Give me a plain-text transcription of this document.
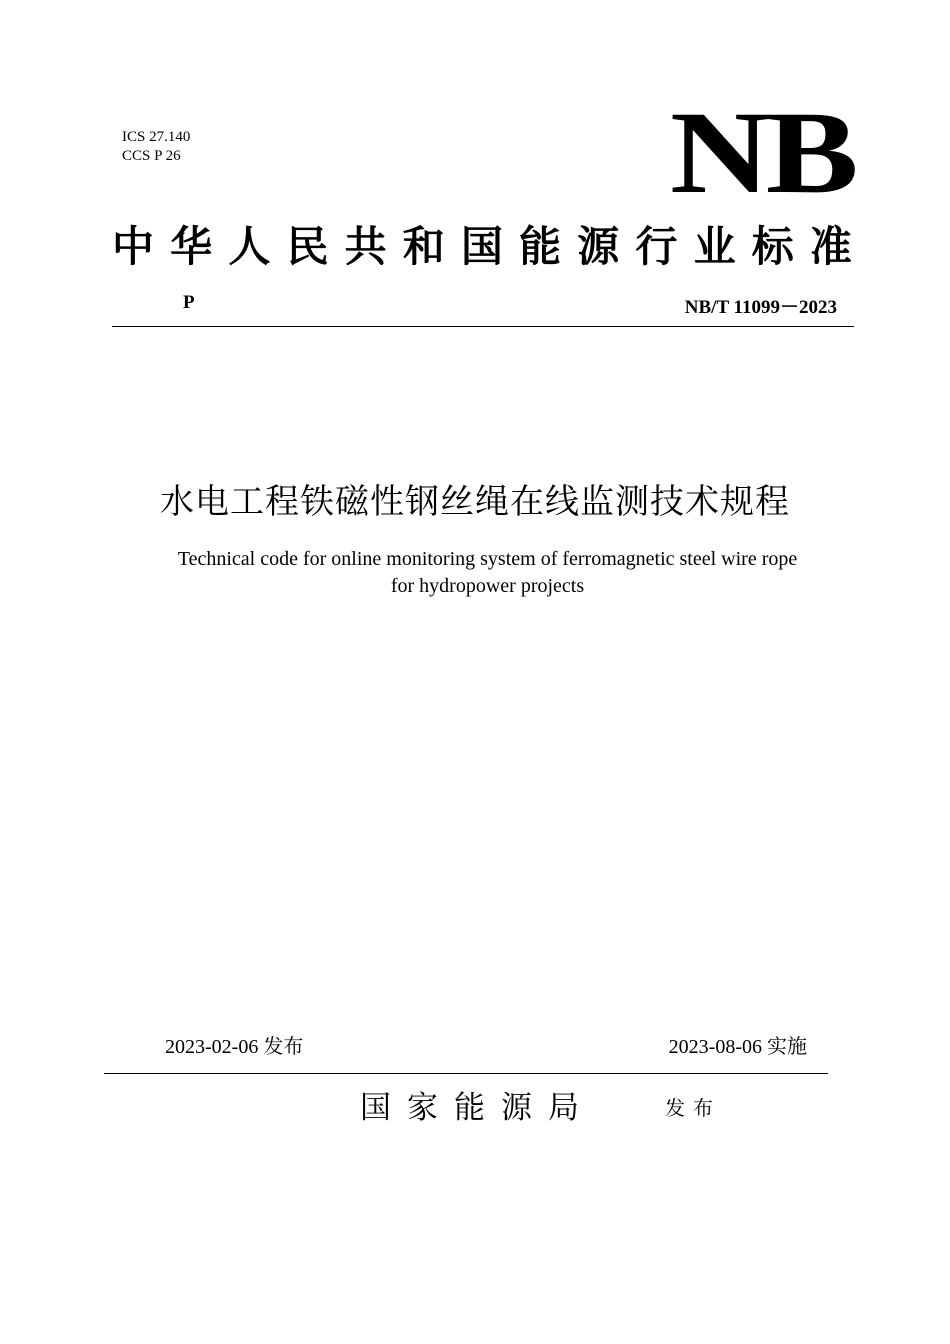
ICS 27.140
CCS P 26	NB
中 华 人 民 共 和 国 能 源 行 业 标 准
P	NB/T 11099－2023
水电工程铁磁性钢丝绳在线监测技术规程
Technical code for online monitoring system of ferromagnetic steel wire rope
for hydropower projects
2023-02-06 发布	2023-08-06 实施
国家能源局	发布
